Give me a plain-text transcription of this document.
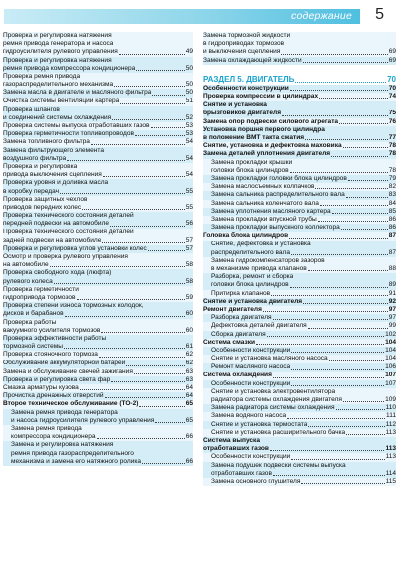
содержание 5
Проверка и регулировка натяжения
ремня привода генератора и насоса
гидроусилителя рулевого управления	49
Проверка и регулировка натяжения
ремня привода компрессора кондиционера	50
Проверка ремня привода
газораспределительного механизма	50
Замена масла в двигателе и масляного фильтра	50
Очистка системы вентиляции картера	51
Проверка шлангов
и соединений системы охлаждения	52
Проверка системы выпуска отработавших газов	53
Проверка герметичности топливопроводов	53
Замена топливного фильтра	54
Замена фильтрующего элемента
воздушного фильтра	54
Проверка и регулировка
привода выключения сцепления	54
Проверка уровня и доливка масла
в коробку передач	55
Проверка защитных чехлов
приводов передних колес	55
Проверка технического состояния деталей
передней подвески на автомобиле	56
Проверка технического состояния деталей
задней подвески на автомобиле	57
Проверка и регулировка углов установки колес	57
Осмотр и проверка рулевого управления
на автомобиле	58
Проверка свободного хода (люфта)
рулевого колеса	58
Проверка герметичности
гидропривода тормозов	59
Проверка степени износа тормозных колодок,
дисков и барабанов	60
Проверка работы
вакуумного усилителя тормозов	60
Проверка эффективности работы
тормозной системы	61
Проверка стояночного тормоза	62
Обслуживание аккумуляторной батареи	62
Замена и обслуживание свечей зажигания	63
Проверка и регулировка света фар	63
Смазка арматуры кузова	64
Прочистка дренажных отверстий	64
Второе техническое обслуживание (ТО-2)	65
Замена ремня привода генератора
и насоса гидроусилителя рулевого управления	65
Замена ремня привода
компрессора кондиционера	66
Замена и регулировка натяжения
ремня привода газораспределительного
механизма и замена его натяжного ролика	66
Замена тормозной жидкости
в гидроприводах тормозов
и выключения сцепления	69
Замена охлаждающей жидкости	69
РАЗДЕЛ 5. ДВИГАТЕЛЬ	70
Особенности конструкции	70
Проверка компрессии в цилиндрах	74
Снятие и установка
брызговиков двигателя	75
Замена опор подвески силового агрегата	76
Установка поршня первого цилиндра
в положение ВМТ такта сжатия	77
Снятие, установка и дефектовка маховика	78
Замена деталей уплотнения двигателя	78
Замена прокладки крышки
головки блока цилиндров	78
Замена прокладки головки блока цилиндров	79
Замена маслосъемных колпачков	82
Замена сальника распределительного вала	83
Замена сальника коленчатого вала	84
Замена уплотнения масляного картера	85
Замена прокладки впускной трубы	86
Замена прокладки выпускного коллектора	86
Головка блока цилиндров	87
Снятие, дефектовка и установка
распределительного вала	87
Замена гидрокомпенсаторов зазоров
в механизме привода клапанов	88
Разборка, ремонт и сборка
головки блока цилиндров	89
Притирка клапанов	91
Снятие и установка двигателя	92
Ремонт двигателя	97
Разборка двигателя	97
Дефектовка деталей двигателя	99
Сборка двигателя	102
Система смазки	104
Особенности конструкции	104
Снятие и установка масляного насоса	104
Ремонт масляного насоса	106
Система охлаждения	107
Особенности конструкции	107
Снятие и установка электровентилятора
радиатора системы охлаждения двигателя	109
Замена радиатора системы охлаждения	110
Замена водяного насоса	111
Снятие и установка термостата	112
Снятие и установка расширительного бачка	113
Система выпуска
отработавших газов	113
Особенности конструкции	113
Замена подушек подвески системы выпуска
отработавших газов	114
Замена основного глушителя	115
